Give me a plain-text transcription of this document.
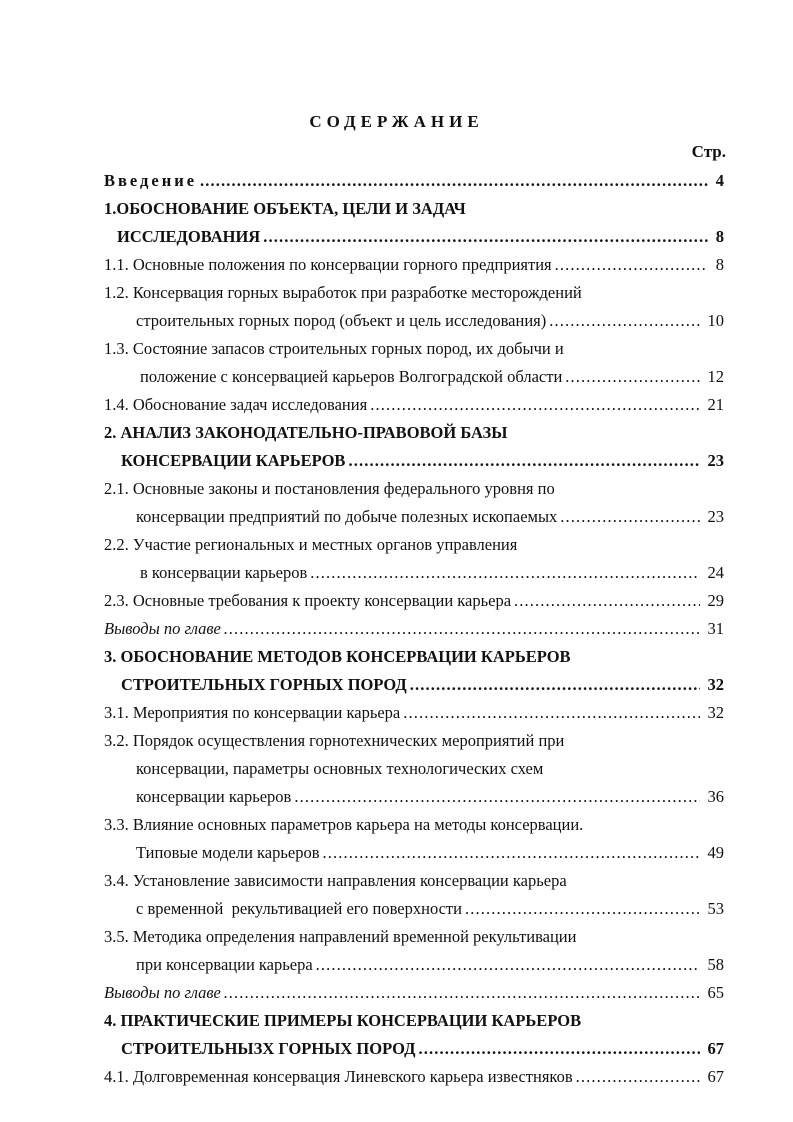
СОДЕРЖАНИЕ
Стр.
Введение . . .	4
1.ОБОСНОВАНИЕ ОБЪЕКТА, ЦЕЛИ И ЗАДАЧ
ИССЛЕДОВАНИЯ . . .	8
1.1. Основные положения по консервации горного предприятия . . .	8
1.2. Консервация горных выработок при разработке месторождений
строительных горных пород (объект и цель исследования) . . .	10
1.3. Состояние запасов строительных горных пород, их добычи и
положение с консервацией карьеров Волгоградской области . . .	12
1.4. Обоснование задач исследования . . .	21
2. АНАЛИЗ ЗАКОНОДАТЕЛЬНО-ПРАВОВОЙ БАЗЫ
КОНСЕРВАЦИИ КАРЬЕРОВ . . .	23
2.1. Основные законы и постановления федерального уровня по
консервации предприятий по добыче полезных ископаемых . . .	23
2.2. Участие региональных и местных органов управления
в консервации карьеров . . .	24
2.3. Основные требования к проекту консервации карьера . . .	29
Выводы по главе . . .	31
3. ОБОСНОВАНИЕ МЕТОДОВ КОНСЕРВАЦИИ КАРЬЕРОВ
СТРОИТЕЛЬНЫХ ГОРНЫХ ПОРОД . . .	32
3.1. Мероприятия по консервации карьера . . .	32
3.2. Порядок осуществления горнотехнических мероприятий при
консервации, параметры основных технологических схем
консервации карьеров . . .	36
3.3. Влияние основных параметров карьера на методы консервации.
Типовые модели карьеров . . .	49
3.4. Установление зависимости направления консервации карьера
с временной  рекультивацией его поверхности . . .	53
3.5. Методика определения направлений временной рекультивации
при консервации карьера . . .	58
Выводы по главе . . .	65
4. ПРАКТИЧЕСКИЕ ПРИМЕРЫ КОНСЕРВАЦИИ КАРЬЕРОВ
СТРОИТЕЛЬНЫЗХ ГОРНЫХ ПОРОД . . .	67
4.1. Долговременная консервация Линевского карьера известняков . . .	67
